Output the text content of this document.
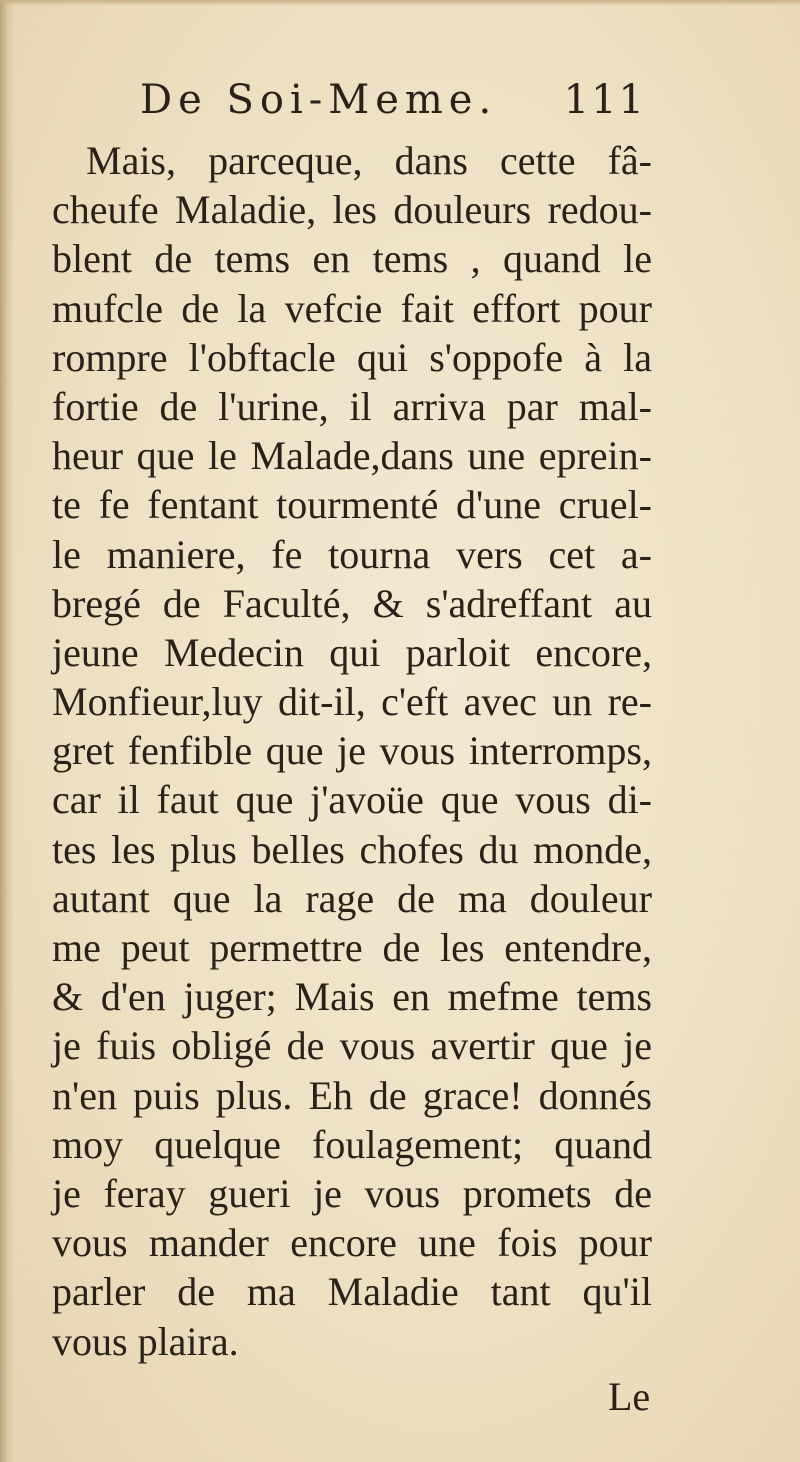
De Soi-Meme. 111
Mais, parceque, dans cette fâ-
cheufe Maladie, les douleurs redou-
blent de tems en tems , quand le
mufcle de la vefcie fait effort pour
rompre l'obftacle qui s'oppofe à la
fortie de l'urine, il arriva par mal-
heur que le Malade,dans une eprein-
te fe fentant tourmenté d'une cruel-
le maniere, fe tourna vers cet a-
bregé de Faculté, & s'adreffant au
jeune Medecin qui parloit encore,
Monfieur,luy dit-il, c'eft avec un re-
gret fenfible que je vous interromps,
car il faut que j'avoüe que vous di-
tes les plus belles chofes du monde,
autant que la rage de ma douleur
me peut permettre de les entendre,
& d'en juger; Mais en mefme tems
je fuis obligé de vous avertir que je
n'en puis plus. Eh de grace! donnés
moy quelque foulagement; quand
je feray gueri je vous promets de
vous mander encore une fois pour
parler de ma Maladie tant qu'il
vous plaira.
Le
